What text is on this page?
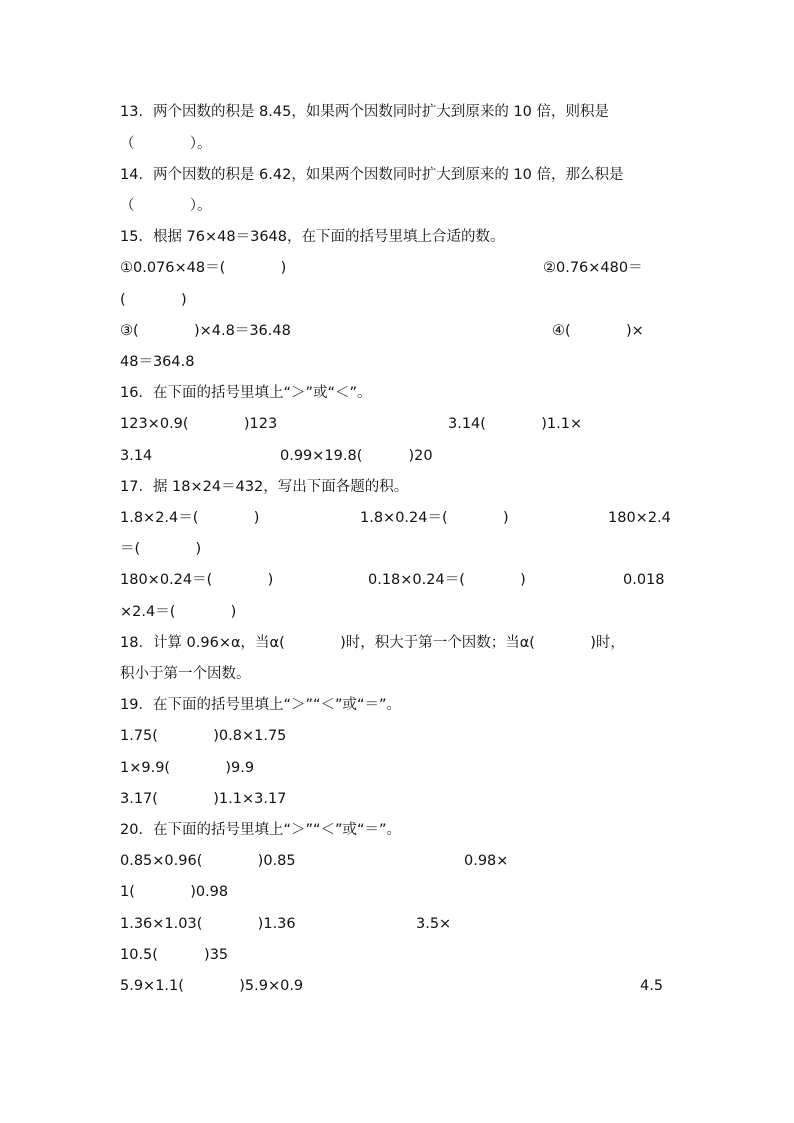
13．两个因数的积是 8.45，如果两个因数同时扩大到原来的 10 倍，则积是
（            ）。
14．两个因数的积是 6.42，如果两个因数同时扩大到原来的 10 倍，那么积是
（            ）。
15．根据 76×48＝3648，在下面的括号里填上合适的数。
①0.076×48＝(            )	②0.76×480＝
(            )
③(            )×4.8＝36.48	④(            )×
48＝364.8
16．在下面的括号里填上“＞”或“＜”。
123×0.9(            )123	3.14(            )1.1×
3.14	0.99×19.8(          )20
17．据 18×24＝432，写出下面各题的积。
1.8×2.4＝(            )	1.8×0.24＝(            )	180×2.4
＝(            )
180×0.24＝(            )	0.18×0.24＝(            )	0.018
×2.4＝(            )
18．计算 0.96×α，当α(            )时，积大于第一个因数；当α(            )时，
积小于第一个因数。
19．在下面的括号里填上“＞”“＜”或“＝”。
1.75(            )0.8×1.75
1×9.9(            )9.9
3.17(            )1.1×3.17
20．在下面的括号里填上“＞”“＜”或“＝”。
0.85×0.96(            )0.85	0.98×
1(            )0.98
1.36×1.03(            )1.36	3.5×
10.5(          )35
5.9×1.1(            )5.9×0.9	4.5
